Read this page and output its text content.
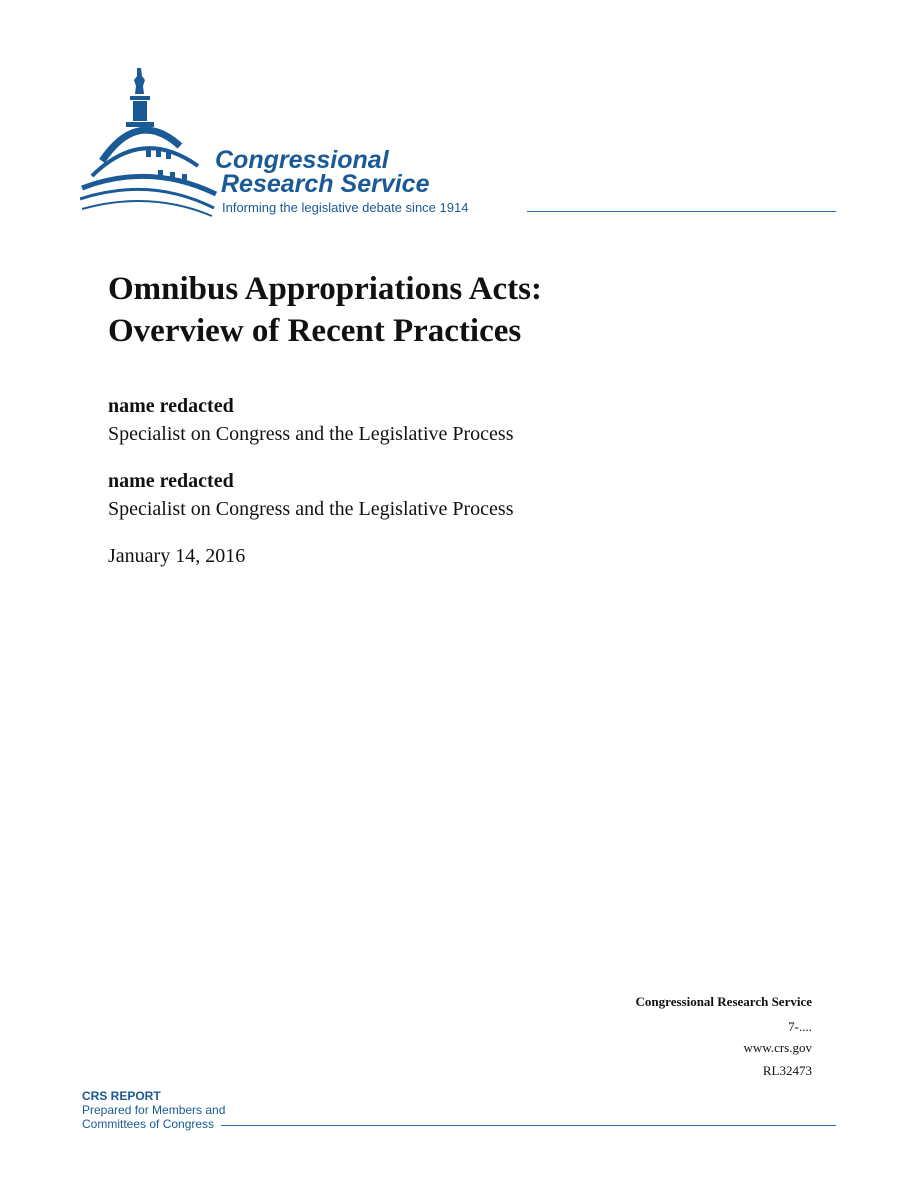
Congressional
Research Service
Informing the legislative debate since 1914
Omnibus Appropriations Acts:
Overview of Recent Practices
name redacted
Specialist on Congress and the Legislative Process
name redacted
Specialist on Congress and the Legislative Process
January 14, 2016
Congressional Research Service
7-....
www.crs.gov
RL32473
CRS REPORT
Prepared for Members and
Committees of Congress
